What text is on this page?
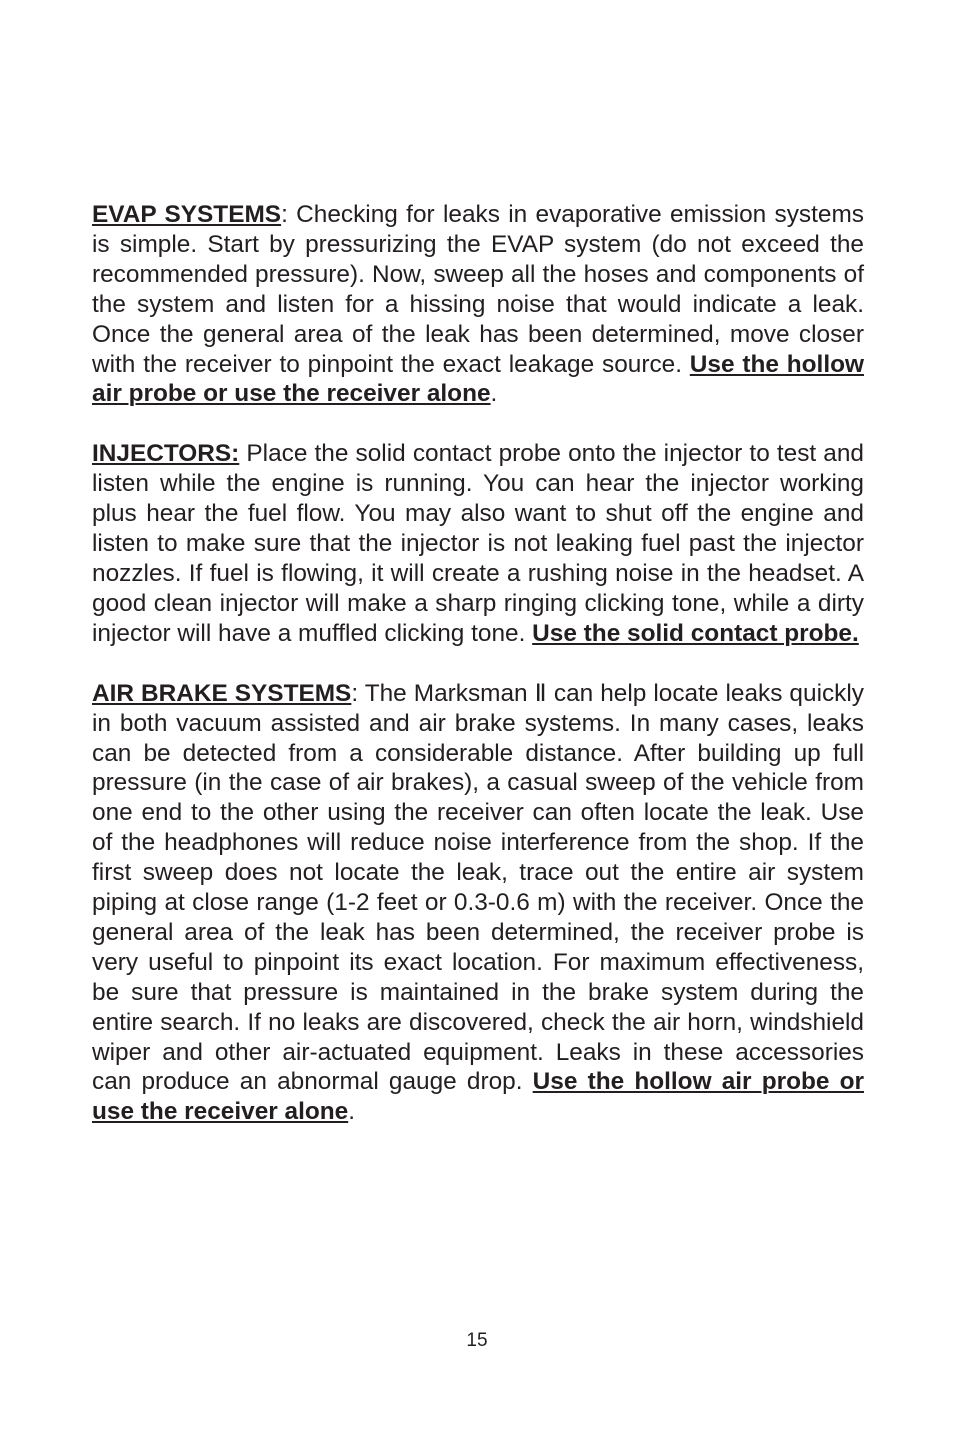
EVAP SYSTEMS: Checking for leaks in evaporative emission systems is simple. Start by pressurizing the EVAP system (do not exceed the recommended pressure). Now, sweep all the hoses and components of the system and listen for a hissing noise that would indicate a leak. Once the general area of the leak has been determined, move closer with the receiver to pinpoint the exact leakage source. Use the hollow air probe or use the receiver alone.

INJECTORS: Place the solid contact probe onto the injector to test and listen while the engine is running. You can hear the injector working plus hear the fuel flow. You may also want to shut off the engine and listen to make sure that the injector is not leaking fuel past the injector nozzles. If fuel is flowing, it will create a rushing noise in the headset. A good clean injector will make a sharp ringing clicking tone, while a dirty injector will have a muffled clicking tone. Use the solid contact probe.

AIR BRAKE SYSTEMS: The Marksman Ⅱ can help locate leaks quickly in both vacuum assisted and air brake systems. In many cases, leaks can be detected from a considerable distance. After building up full pressure (in the case of air brakes), a casual sweep of the vehicle from one end to the other using the receiver can often locate the leak. Use of the headphones will reduce noise interference from the shop. If the first sweep does not locate the leak, trace out the entire air system piping at close range (1-2 feet or 0.3-0.6 m) with the receiver. Once the general area of the leak has been determined, the receiver probe is very useful to pinpoint its exact location. For maximum effectiveness, be sure that pressure is maintained in the brake system during the entire search. If no leaks are discovered, check the air horn, windshield wiper and other air-actuated equipment. Leaks in these accessories can produce an abnormal gauge drop. Use the hollow air probe or use the receiver alone.

15
